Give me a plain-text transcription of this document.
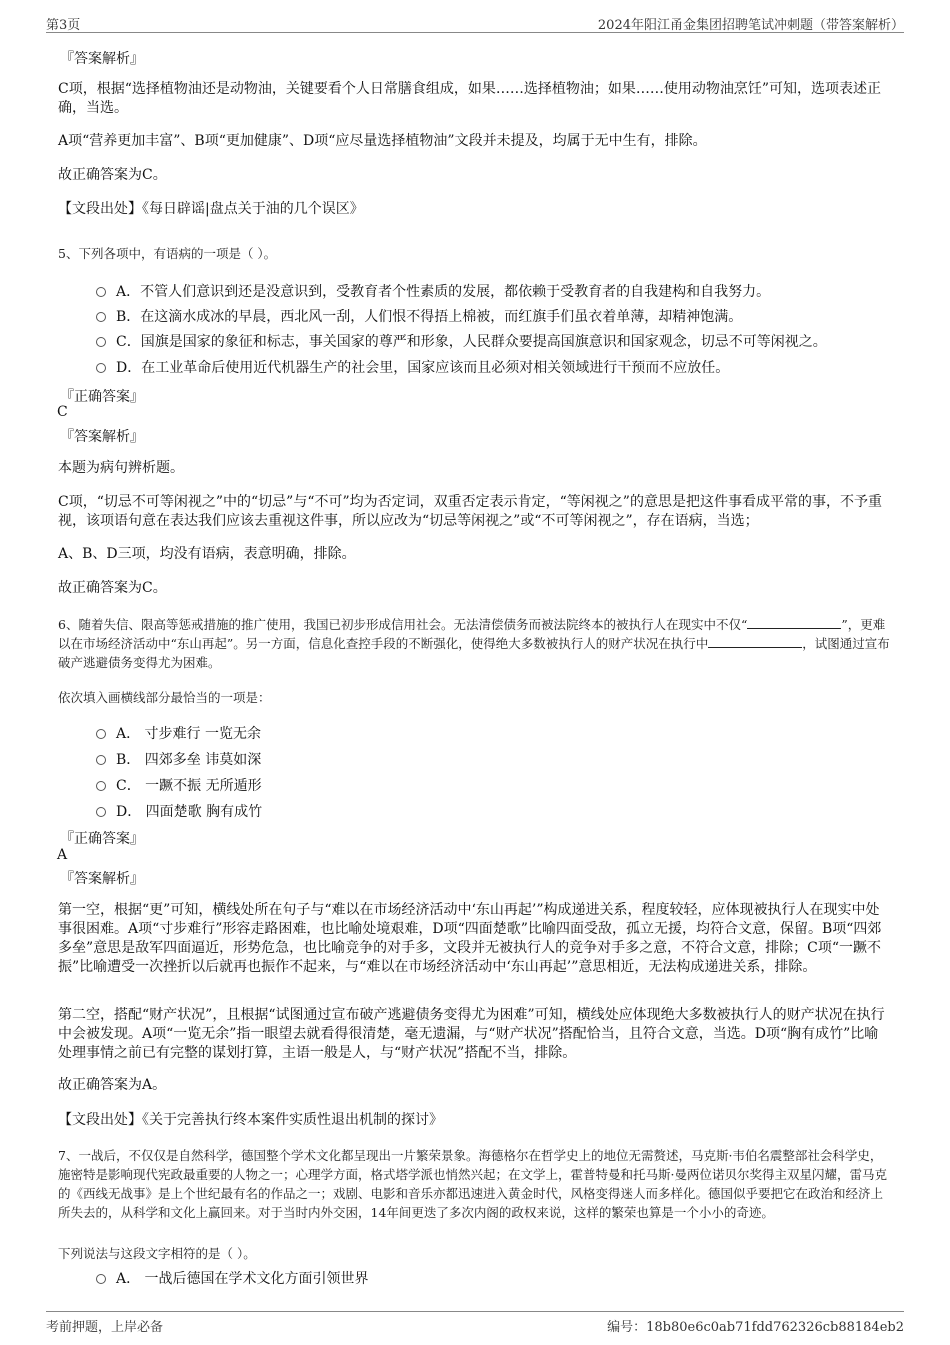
第3页	2024年阳江甬金集团招聘笔试冲刺题（带答案解析）
『答案解析』
C项，根据“选择植物油还是动物油，关键要看个人日常膳食组成，如果……选择植物油；如果……使用动物油烹饪”可知，选项表述正确，当选。
A项“营养更加丰富”、B项“更加健康”、D项“应尽量选择植物油”文段并未提及，均属于无中生有，排除。
故正确答案为C。
【文段出处】《每日辟谣|盘点关于油的几个误区》
5、下列各项中，有语病的一项是（ ）。
A．不管人们意识到还是没意识到，受教育者个性素质的发展，都依赖于受教育者的自我建构和自我努力。
B．在这滴水成冰的早晨，西北风一刮，人们恨不得捂上棉被，而红旗手们虽衣着单薄，却精神饱满。
C．国旗是国家的象征和标志，事关国家的尊严和形象，人民群众要提高国旗意识和国家观念，切忌不可等闲视之。
D．在工业革命后使用近代机器生产的社会里，国家应该而且必须对相关领域进行干预而不应放任。
『正确答案』
C
『答案解析』
本题为病句辨析题。
C项，“切忌不可等闲视之”中的“切忌”与“不可”均为否定词，双重否定表示肯定，“等闲视之”的意思是把这件事看成平常的事，不予重视，该项语句意在表达我们应该去重视这件事，所以应改为“切忌等闲视之”或“不可等闲视之”，存在语病，当选；
A、B、D三项，均没有语病，表意明确，排除。
故正确答案为C。
6、随着失信、限高等惩戒措施的推广使用，我国已初步形成信用社会。无法清偿债务而被法院终本的被执行人在现实中不仅“	”，更难以在市场经济活动中“东山再起”。另一方面，信息化查控手段的不断强化，使得绝大多数被执行人的财产状况在执行中	，试图通过宣布破产逃避债务变得尤为困难。
依次填入画横线部分最恰当的一项是：
A． 寸步难行 一览无余
B． 四郊多垒 讳莫如深
C． 一蹶不振 无所遁形
D． 四面楚歌 胸有成竹
『正确答案』
A
『答案解析』
第一空，根据“更”可知，横线处所在句子与“难以在市场经济活动中‘东山再起’”构成递进关系，程度较轻，应体现被执行人在现实中处事很困难。A项“寸步难行”形容走路困难，也比喻处境艰难，D项“四面楚歌”比喻四面受敌，孤立无援，均符合文意，保留。B项“四郊多垒”意思是敌军四面逼近，形势危急，也比喻竞争的对手多，文段并无被执行人的竞争对手多之意，不符合文意，排除；C项“一蹶不振”比喻遭受一次挫折以后就再也振作不起来，与“难以在市场经济活动中‘东山再起’”意思相近，无法构成递进关系，排除。
第二空，搭配“财产状况”，且根据“试图通过宣布破产逃避债务变得尤为困难”可知，横线处应体现绝大多数被执行人的财产状况在执行中会被发现。A项“一览无余”指一眼望去就看得很清楚，毫无遗漏，与“财产状况”搭配恰当，且符合文意，当选。D项“胸有成竹”比喻处理事情之前已有完整的谋划打算，主语一般是人，与“财产状况”搭配不当，排除。
故正确答案为A。
【文段出处】《关于完善执行终本案件实质性退出机制的探讨》
7、一战后，不仅仅是自然科学，德国整个学术文化都呈现出一片繁荣景象。海德格尔在哲学史上的地位无需赘述，马克斯·韦伯名震整部社会科学史，施密特是影响现代宪政最重要的人物之一；心理学方面，格式塔学派也悄然兴起；在文学上，霍普特曼和托马斯·曼两位诺贝尔奖得主双星闪耀，雷马克的《西线无战事》是上个世纪最有名的作品之一；戏剧、电影和音乐亦都迅速进入黄金时代，风格变得迷人而多样化。德国似乎要把它在政治和经济上所失去的，从科学和文化上赢回来。对于当时内外交困，14年间更迭了多次内阁的政权来说，这样的繁荣也算是一个小小的奇迹。
下列说法与这段文字相符的是（ ）。
A． 一战后德国在学术文化方面引领世界
考前押题，上岸必备	编号：18b80e6c0ab71fdd762326cb88184eb2
